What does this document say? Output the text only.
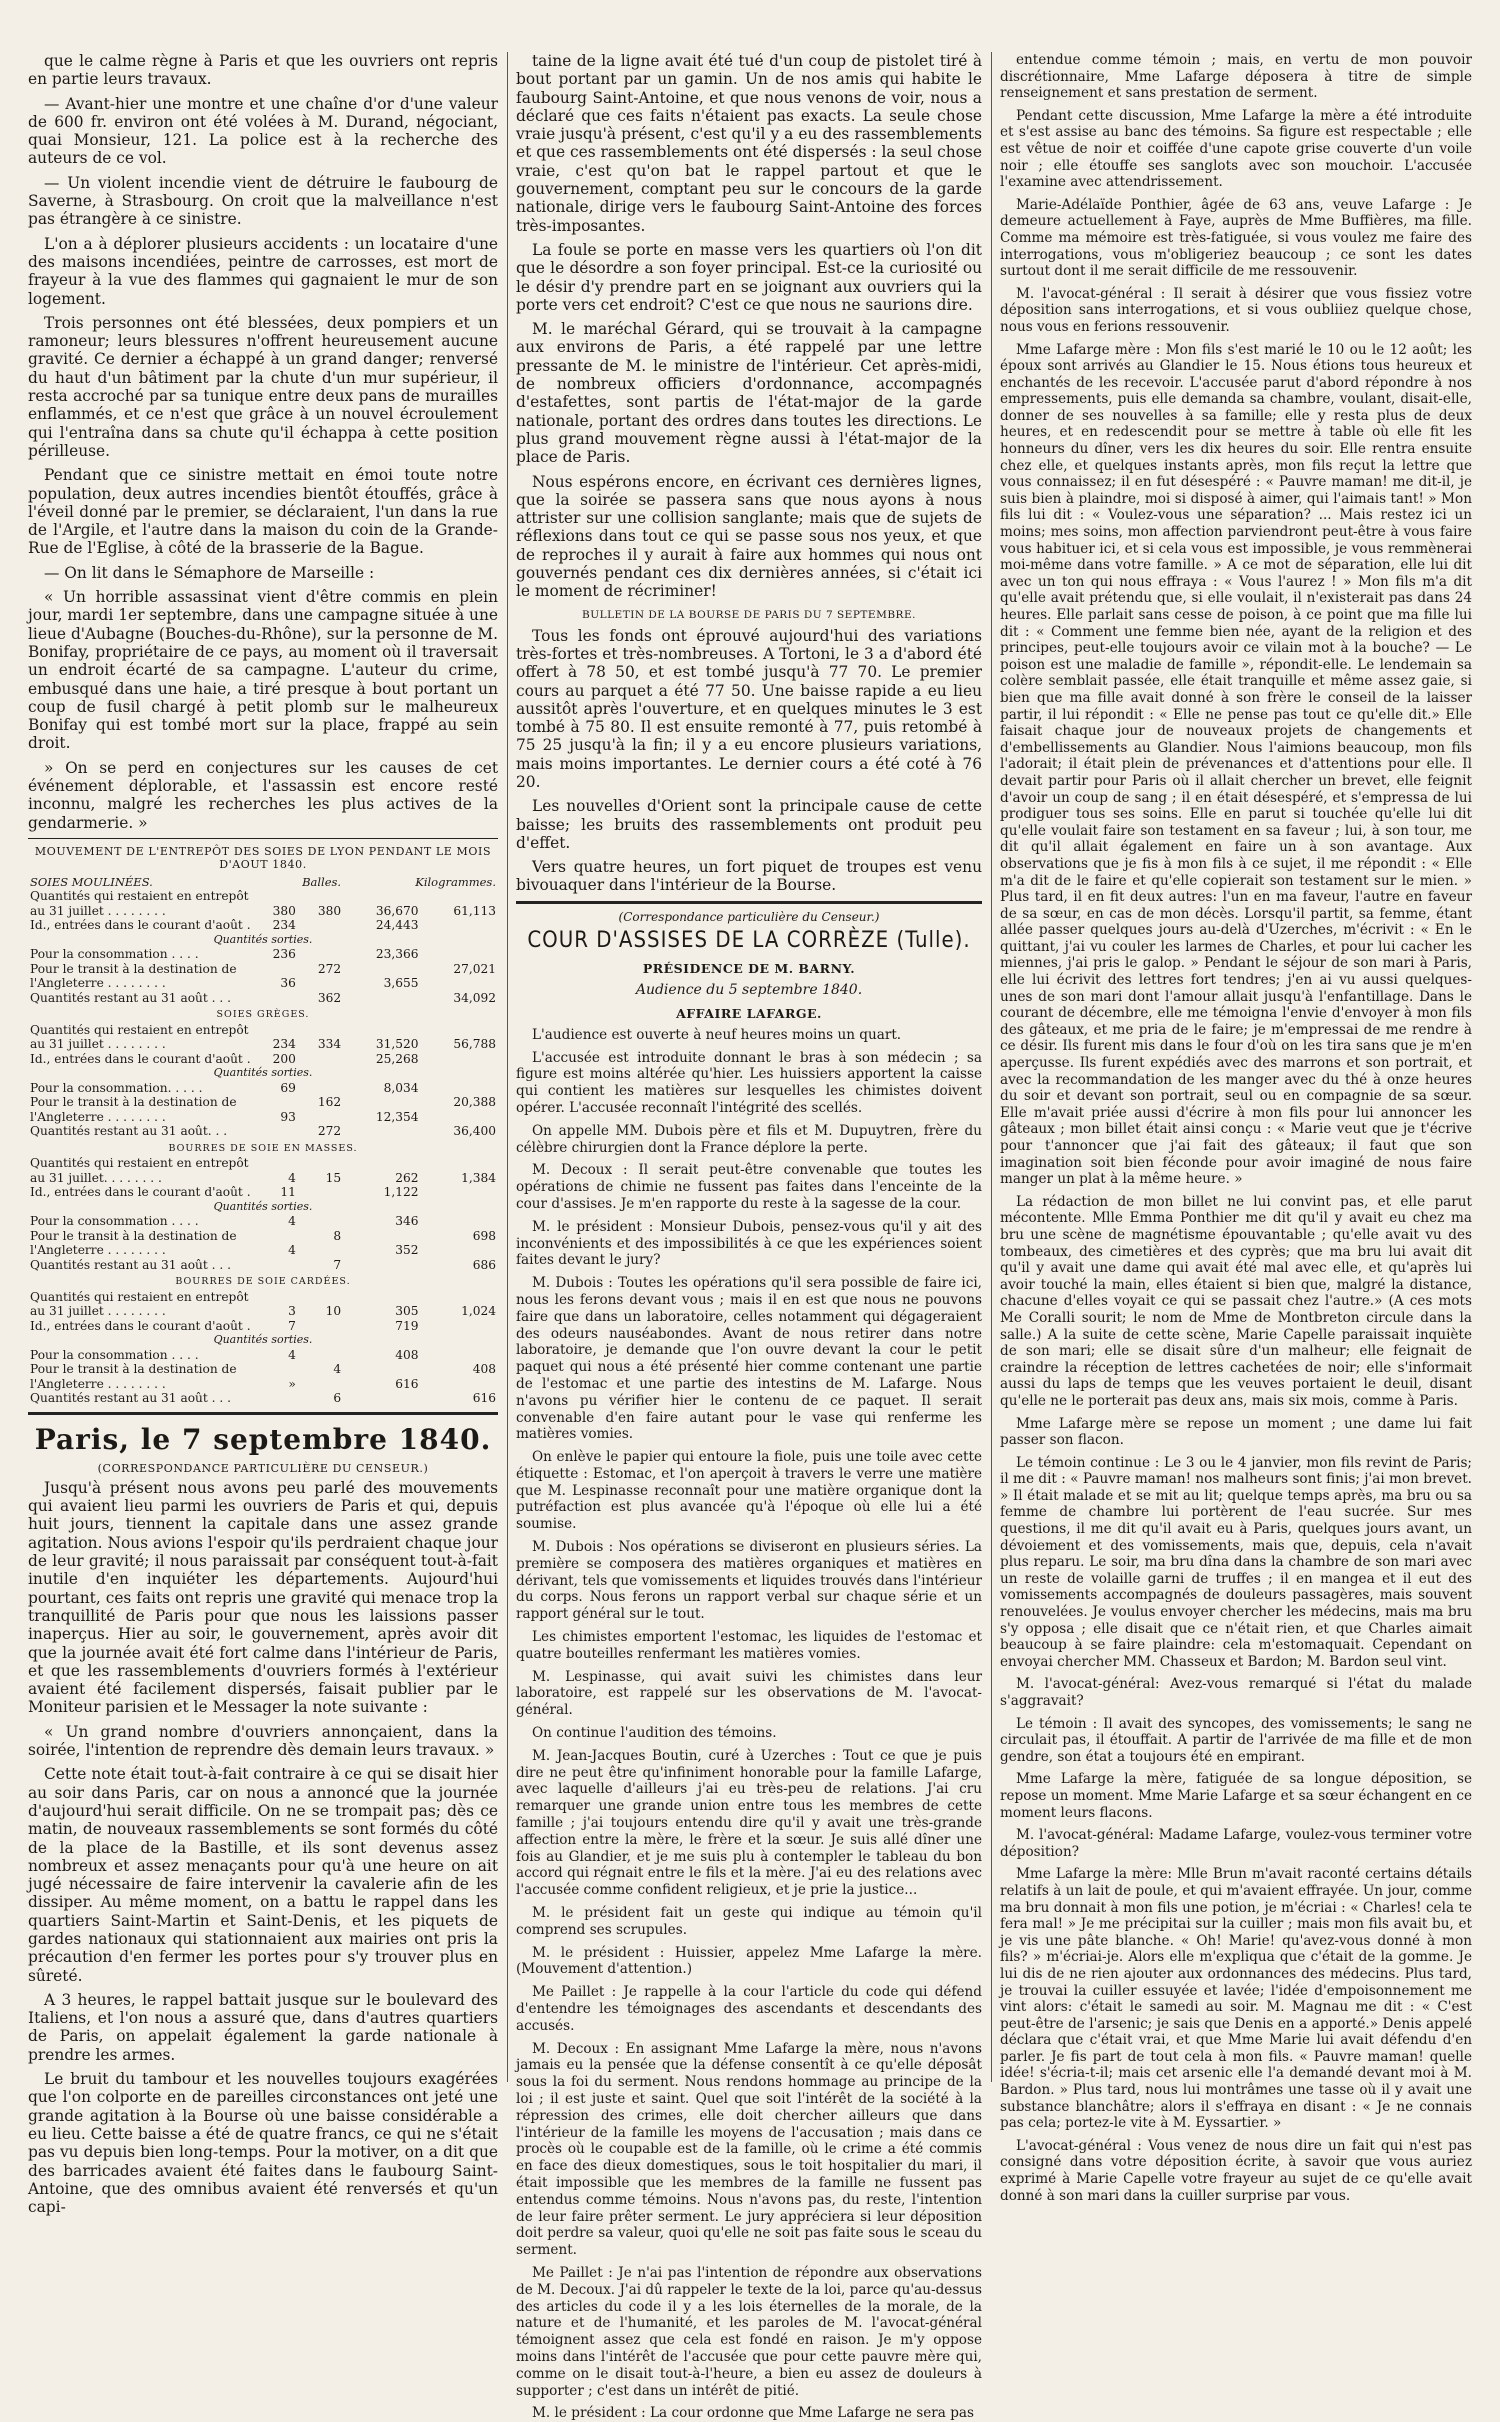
que le calme règne à Paris et que les ouvriers ont repris en partie leurs travaux.

— Avant-hier une montre et une chaîne d'or d'une valeur de 600 fr. environ ont été volées à M. Durand, négociant, quai Monsieur, 121. La police est à la recherche des auteurs de ce vol.

— Un violent incendie vient de détruire le faubourg de Saverne, à Strasbourg. On croit que la malveillance n'est pas étrangère à ce sinistre.

L'on a à déplorer plusieurs accidents : un locataire d'une des maisons incendiées, peintre de carrosses, est mort de frayeur à la vue des flammes qui gagnaient le mur de son logement.

Trois personnes ont été blessées, deux pompiers et un ramoneur; leurs blessures n'offrent heureusement aucune gravité. Ce dernier a échappé à un grand danger; renversé du haut d'un bâtiment par la chute d'un mur supérieur, il resta accroché par sa tunique entre deux pans de murailles enflammés, et ce n'est que grâce à un nouvel écroulement qui l'entraîna dans sa chute qu'il échappa à cette position périlleuse.

Pendant que ce sinistre mettait en émoi toute notre population, deux autres incendies bientôt étouffés, grâce à l'éveil donné par le premier, se déclaraient, l'un dans la rue de l'Argile, et l'autre dans la maison du coin de la Grande-Rue de l'Eglise, à côté de la brasserie de la Bague.

— On lit dans le Sémaphore de Marseille :

« Un horrible assassinat vient d'être commis en plein jour, mardi 1er septembre, dans une campagne située à une lieue d'Aubagne (Bouches-du-Rhône), sur la personne de M. Bonifay, propriétaire de ce pays, au moment où il traversait un endroit écarté de sa campagne. L'auteur du crime, embusqué dans une haie, a tiré presque à bout portant un coup de fusil chargé à petit plomb sur le malheureux Bonifay qui est tombé mort sur la place, frappé au sein droit.

» On se perd en conjectures sur les causes de cet événement déplorable, et l'assassin est encore resté inconnu, malgré les recherches les plus actives de la gendarmerie. »

MOUVEMENT DE L'ENTREPÔT DES SOIES DE LYON PENDANT LE MOIS D'AOUT 1840.
SOIES MOULINÉES.	Balles.		Kilogrammes.	
Quantités qui restaient en entrepôt				
au 31 juillet . . . . . . . .	380	380	36,670	61,113
Id., entrées dans le courant d'août .	234		24,443	
Quantités sorties.				
Pour la consommation . . . .	236		23,366	
Pour le transit à la destination de		272		27,021
l'Angleterre . . . . . . . .	36		3,655	
Quantités restant au 31 août . . .		362		34,092
SOIES GRÈGES.				
Quantités qui restaient en entrepôt				
au 31 juillet . . . . . . . .	234	334	31,520	56,788
Id., entrées dans le courant d'août .	200		25,268	
Quantités sorties.				
Pour la consommation. . . . .	69		8,034	
Pour le transit à la destination de		162		20,388
l'Angleterre . . . . . . . .	93		12,354	
Quantités restant au 31 août. . .		272		36,400
BOURRES DE SOIE EN MASSES.				
Quantités qui restaient en entrepôt				
au 31 juillet. . . . . . . .	4	15	262	1,384
Id., entrées dans le courant d'août .	11		1,122	
Quantités sorties.				
Pour la consommation . . . .	4		346	
Pour le transit à la destination de		8		698
l'Angleterre . . . . . . . .	4		352	
Quantités restant au 31 août . . .		7		686
BOURRES DE SOIE CARDÉES.				
Quantités qui restaient en entrepôt				
au 31 juillet . . . . . . . .	3	10	305	1,024
Id., entrées dans le courant d'août .	7		719	
Quantités sorties.				
Pour la consommation . . . .	4		408	
Pour le transit à la destination de		4		408
l'Angleterre . . . . . . . .	»		616	
Quantités restant au 31 août . . .		6		616
Paris, le 7 septembre 1840.
(CORRESPONDANCE PARTICULIÈRE DU CENSEUR.)

Jusqu'à présent nous avons peu parlé des mouvements qui avaient lieu parmi les ouvriers de Paris et qui, depuis huit jours, tiennent la capitale dans une assez grande agitation. Nous avions l'espoir qu'ils perdraient chaque jour de leur gravité; il nous paraissait par conséquent tout-à-fait inutile d'en inquiéter les départements. Aujourd'hui pourtant, ces faits ont repris une gravité qui menace trop la tranquillité de Paris pour que nous les laissions passer inaperçus. Hier au soir, le gouvernement, après avoir dit que la journée avait été fort calme dans l'intérieur de Paris, et que les rassemblements d'ouvriers formés à l'extérieur avaient été facilement dispersés, faisait publier par le Moniteur parisien et le Messager la note suivante :

« Un grand nombre d'ouvriers annonçaient, dans la soirée, l'intention de reprendre dès demain leurs travaux. »

Cette note était tout-à-fait contraire à ce qui se disait hier au soir dans Paris, car on nous a annoncé que la journée d'aujourd'hui serait difficile. On ne se trompait pas; dès ce matin, de nouveaux rassemblements se sont formés du côté de la place de la Bastille, et ils sont devenus assez nombreux et assez menaçants pour qu'à une heure on ait jugé nécessaire de faire intervenir la cavalerie afin de les dissiper. Au même moment, on a battu le rappel dans les quartiers Saint-Martin et Saint-Denis, et les piquets de gardes nationaux qui stationnaient aux mairies ont pris la précaution d'en fermer les portes pour s'y trouver plus en sûreté.

A 3 heures, le rappel battait jusque sur le boulevard des Italiens, et l'on nous a assuré que, dans d'autres quartiers de Paris, on appelait également la garde nationale à prendre les armes.

Le bruit du tambour et les nouvelles toujours exagérées que l'on colporte en de pareilles circonstances ont jeté une grande agitation à la Bourse où une baisse considérable a eu lieu. Cette baisse a été de quatre francs, ce qui ne s'était pas vu depuis bien long-temps. Pour la motiver, on a dit que des barricades avaient été faites dans le faubourg Saint-Antoine, que des omnibus avaient été renversés et qu'un capi-

taine de la ligne avait été tué d'un coup de pistolet tiré à bout portant par un gamin. Un de nos amis qui habite le faubourg Saint-Antoine, et que nous venons de voir, nous a déclaré que ces faits n'étaient pas exacts. La seule chose vraie jusqu'à présent, c'est qu'il y a eu des rassemblements et que ces rassemblements ont été dispersés : la seul chose vraie, c'est qu'on bat le rappel partout et que le gouvernement, comptant peu sur le concours de la garde nationale, dirige vers le faubourg Saint-Antoine des forces très-imposantes.

La foule se porte en masse vers les quartiers où l'on dit que le désordre a son foyer principal. Est-ce la curiosité ou le désir d'y prendre part en se joignant aux ouvriers qui la porte vers cet endroit? C'est ce que nous ne saurions dire.

M. le maréchal Gérard, qui se trouvait à la campagne aux environs de Paris, a été rappelé par une lettre pressante de M. le ministre de l'intérieur. Cet après-midi, de nombreux officiers d'ordonnance, accompagnés d'estafettes, sont partis de l'état-major de la garde nationale, portant des ordres dans toutes les directions. Le plus grand mouvement règne aussi à l'état-major de la place de Paris.

Nous espérons encore, en écrivant ces dernières lignes, que la soirée se passera sans que nous ayons à nous attrister sur une collision sanglante; mais que de sujets de réflexions dans tout ce qui se passe sous nos yeux, et que de reproches il y aurait à faire aux hommes qui nous ont gouvernés pendant ces dix dernières années, si c'était ici le moment de récriminer!

BULLETIN DE LA BOURSE DE PARIS DU 7 SEPTEMBRE.

Tous les fonds ont éprouvé aujourd'hui des variations très-fortes et très-nombreuses. A Tortoni, le 3 a d'abord été offert à 78 50, et est tombé jusqu'à 77 70. Le premier cours au parquet a été 77 50. Une baisse rapide a eu lieu aussitôt après l'ouverture, et en quelques minutes le 3 est tombé à 75 80. Il est ensuite remonté à 77, puis retombé à 75 25 jusqu'à la fin; il y a eu encore plusieurs variations, mais moins importantes. Le dernier cours a été coté à 76 20.

Les nouvelles d'Orient sont la principale cause de cette baisse; les bruits des rassemblements ont produit peu d'effet.

Vers quatre heures, un fort piquet de troupes est venu bivouaquer dans l'intérieur de la Bourse.

(Correspondance particulière du Censeur.)
COUR D'ASSISES DE LA CORRÈZE (Tulle).
PRÉSIDENCE DE M. BARNY.
Audience du 5 septembre 1840.
AFFAIRE LAFARGE.

L'audience est ouverte à neuf heures moins un quart.

L'accusée est introduite donnant le bras à son médecin ; sa figure est moins altérée qu'hier. Les huissiers apportent la caisse qui contient les matières sur lesquelles les chimistes doivent opérer. L'accusée reconnaît l'intégrité des scellés.

On appelle MM. Dubois père et fils et M. Dupuytren, frère du célèbre chirurgien dont la France déplore la perte.

M. Decoux : Il serait peut-être convenable que toutes les opérations de chimie ne fussent pas faites dans l'enceinte de la cour d'assises. Je m'en rapporte du reste à la sagesse de la cour.

M. le président : Monsieur Dubois, pensez-vous qu'il y ait des inconvénients et des impossibilités à ce que les expériences soient faites devant le jury?

M. Dubois : Toutes les opérations qu'il sera possible de faire ici, nous les ferons devant vous ; mais il en est que nous ne pouvons faire que dans un laboratoire, celles notamment qui dégageraient des odeurs nauséabondes. Avant de nous retirer dans notre laboratoire, je demande que l'on ouvre devant la cour le petit paquet qui nous a été présenté hier comme contenant une partie de l'estomac et une partie des intestins de M. Lafarge. Nous n'avons pu vérifier hier le contenu de ce paquet. Il serait convenable d'en faire autant pour le vase qui renferme les matières vomies.

On enlève le papier qui entoure la fiole, puis une toile avec cette étiquette : Estomac, et l'on aperçoit à travers le verre une matière que M. Lespinasse reconnaît pour une matière organique dont la putréfaction est plus avancée qu'à l'époque où elle lui a été soumise.

M. Dubois : Nos opérations se diviseront en plusieurs séries. La première se composera des matières organiques et matières en dérivant, tels que vomissements et liquides trouvés dans l'intérieur du corps. Nous ferons un rapport verbal sur chaque série et un rapport général sur le tout.

Les chimistes emportent l'estomac, les liquides de l'estomac et quatre bouteilles renfermant les matières vomies.

M. Lespinasse, qui avait suivi les chimistes dans leur laboratoire, est rappelé sur les observations de M. l'avocat-général.

On continue l'audition des témoins.

M. Jean-Jacques Boutin, curé à Uzerches : Tout ce que je puis dire ne peut être qu'infiniment honorable pour la famille Lafarge, avec laquelle d'ailleurs j'ai eu très-peu de relations. J'ai cru remarquer une grande union entre tous les membres de cette famille ; j'ai toujours entendu dire qu'il y avait une très-grande affection entre la mère, le frère et la sœur. Je suis allé dîner une fois au Glandier, et je me suis plu à contempler le tableau du bon accord qui régnait entre le fils et la mère. J'ai eu des relations avec l'accusée comme confident religieux, et je prie la justice...

M. le président fait un geste qui indique au témoin qu'il comprend ses scrupules.

M. le président : Huissier, appelez Mme Lafarge la mère. (Mouvement d'attention.)

Me Paillet : Je rappelle à la cour l'article du code qui défend d'entendre les témoignages des ascendants et descendants des accusés.

M. Decoux : En assignant Mme Lafarge la mère, nous n'avons jamais eu la pensée que la défense consentît à ce qu'elle déposât sous la foi du serment. Nous rendons hommage au principe de la loi ; il est juste et saint. Quel que soit l'intérêt de la société à la répression des crimes, elle doit chercher ailleurs que dans l'intérieur de la famille les moyens de l'accusation ; mais dans ce procès où le coupable est de la famille, où le crime a été commis en face des dieux domestiques, sous le toit hospitalier du mari, il était impossible que les membres de la famille ne fussent pas entendus comme témoins. Nous n'avons pas, du reste, l'intention de leur faire prêter serment. Le jury appréciera si leur déposition doit perdre sa valeur, quoi qu'elle ne soit pas faite sous le sceau du serment.

Me Paillet : Je n'ai pas l'intention de répondre aux observations de M. Decoux. J'ai dû rappeler le texte de la loi, parce qu'au-dessus des articles du code il y a les lois éternelles de la morale, de la nature et de l'humanité, et les paroles de M. l'avocat-général témoignent assez que cela est fondé en raison. Je m'y oppose moins dans l'intérêt de l'accusée que pour cette pauvre mère qui, comme on le disait tout-à-l'heure, a bien eu assez de douleurs à supporter ; c'est dans un intérêt de pitié.

M. le président : La cour ordonne que Mme Lafarge ne sera pas

entendue comme témoin ; mais, en vertu de mon pouvoir discrétionnaire, Mme Lafarge déposera à titre de simple renseignement et sans prestation de serment.

Pendant cette discussion, Mme Lafarge la mère a été introduite et s'est assise au banc des témoins. Sa figure est respectable ; elle est vêtue de noir et coiffée d'une capote grise couverte d'un voile noir ; elle étouffe ses sanglots avec son mouchoir. L'accusée l'examine avec attendrissement.

Marie-Adélaïde Ponthier, âgée de 63 ans, veuve Lafarge : Je demeure actuellement à Faye, auprès de Mme Buffières, ma fille. Comme ma mémoire est très-fatiguée, si vous voulez me faire des interrogations, vous m'obligeriez beaucoup ; ce sont les dates surtout dont il me serait difficile de me ressouvenir.

M. l'avocat-général : Il serait à désirer que vous fissiez votre déposition sans interrogations, et si vous oubliiez quelque chose, nous vous en ferions ressouvenir.

Mme Lafarge mère : Mon fils s'est marié le 10 ou le 12 août; les époux sont arrivés au Glandier le 15. Nous étions tous heureux et enchantés de les recevoir. L'accusée parut d'abord répondre à nos empressements, puis elle demanda sa chambre, voulant, disait-elle, donner de ses nouvelles à sa famille; elle y resta plus de deux heures, et en redescendit pour se mettre à table où elle fit les honneurs du dîner, vers les dix heures du soir. Elle rentra ensuite chez elle, et quelques instants après, mon fils reçut la lettre que vous connaissez; il en fut désespéré : « Pauvre maman! me dit-il, je suis bien à plaindre, moi si disposé à aimer, qui l'aimais tant! » Mon fils lui dit : « Voulez-vous une séparation? ... Mais restez ici un moins; mes soins, mon affection parviendront peut-être à vous faire vous habituer ici, et si cela vous est impossible, je vous remmènerai moi-même dans votre famille. » A ce mot de séparation, elle lui dit avec un ton qui nous effraya : « Vous l'aurez ! » Mon fils m'a dit qu'elle avait prétendu que, si elle voulait, il n'existerait pas dans 24 heures. Elle parlait sans cesse de poison, à ce point que ma fille lui dit : « Comment une femme bien née, ayant de la religion et des principes, peut-elle toujours avoir ce vilain mot à la bouche? — Le poison est une maladie de famille », répondit-elle. Le lendemain sa colère semblait passée, elle était tranquille et même assez gaie, si bien que ma fille avait donné à son frère le conseil de la laisser partir, il lui répondit : « Elle ne pense pas tout ce qu'elle dit.» Elle faisait chaque jour de nouveaux projets de changements et d'embellissements au Glandier. Nous l'aimions beaucoup, mon fils l'adorait; il était plein de prévenances et d'attentions pour elle. Il devait partir pour Paris où il allait chercher un brevet, elle feignit d'avoir un coup de sang ; il en était désespéré, et s'empressa de lui prodiguer tous ses soins. Elle en parut si touchée qu'elle lui dit qu'elle voulait faire son testament en sa faveur ; lui, à son tour, me dit qu'il allait également en faire un à son avantage. Aux observations que je fis à mon fils à ce sujet, il me répondit : « Elle m'a dit de le faire et qu'elle copierait son testament sur le mien. » Plus tard, il en fit deux autres: l'un en ma faveur, l'autre en faveur de sa sœur, en cas de mon décès. Lorsqu'il partit, sa femme, étant allée passer quelques jours au-delà d'Uzerches, m'écrivit : « En le quittant, j'ai vu couler les larmes de Charles, et pour lui cacher les miennes, j'ai pris le galop. » Pendant le séjour de son mari à Paris, elle lui écrivit des lettres fort tendres; j'en ai vu aussi quelques-unes de son mari dont l'amour allait jusqu'à l'enfantillage. Dans le courant de décembre, elle me témoigna l'envie d'envoyer à mon fils des gâteaux, et me pria de le faire; je m'empressai de me rendre à ce désir. Ils furent mis dans le four d'où on les tira sans que je m'en aperçusse. Ils furent expédiés avec des marrons et son portrait, et avec la recommandation de les manger avec du thé à onze heures du soir et devant son portrait, seul ou en compagnie de sa sœur. Elle m'avait priée aussi d'écrire à mon fils pour lui annoncer les gâteaux ; mon billet était ainsi conçu : « Marie veut que je t'écrive pour t'annoncer que j'ai fait des gâteaux; il faut que son imagination soit bien féconde pour avoir imaginé de nous faire manger un plat à la même heure. »

La rédaction de mon billet ne lui convint pas, et elle parut mécontente. Mlle Emma Ponthier me dit qu'il y avait eu chez ma bru une scène de magnétisme épouvantable ; qu'elle avait vu des tombeaux, des cimetières et des cyprès; que ma bru lui avait dit qu'il y avait une dame qui avait été mal avec elle, et qu'après lui avoir touché la main, elles étaient si bien que, malgré la distance, chacune d'elles voyait ce qui se passait chez l'autre.» (A ces mots Me Coralli sourit; le nom de Mme de Montbreton circule dans la salle.) A la suite de cette scène, Marie Capelle paraissait inquiète de son mari; elle se disait sûre d'un malheur; elle feignait de craindre la réception de lettres cachetées de noir; elle s'informait aussi du laps de temps que les veuves portaient le deuil, disant qu'elle ne le porterait pas deux ans, mais six mois, comme à Paris.

Mme Lafarge mère se repose un moment ; une dame lui fait passer son flacon.

Le témoin continue : Le 3 ou le 4 janvier, mon fils revint de Paris; il me dit : « Pauvre maman! nos malheurs sont finis; j'ai mon brevet. » Il était malade et se mit au lit; quelque temps après, ma bru ou sa femme de chambre lui portèrent de l'eau sucrée. Sur mes questions, il me dit qu'il avait eu à Paris, quelques jours avant, un dévoiement et des vomissements, mais que, depuis, cela n'avait plus reparu. Le soir, ma bru dîna dans la chambre de son mari avec un reste de volaille garni de truffes ; il en mangea et il eut des vomissements accompagnés de douleurs passagères, mais souvent renouvelées. Je voulus envoyer chercher les médecins, mais ma bru s'y opposa ; elle disait que ce n'était rien, et que Charles aimait beaucoup à se faire plaindre: cela m'estomaquait. Cependant on envoyai chercher MM. Chasseux et Bardon; M. Bardon seul vint.

M. l'avocat-général: Avez-vous remarqué si l'état du malade s'aggravait?

Le témoin : Il avait des syncopes, des vomissements; le sang ne circulait pas, il étouffait. A partir de l'arrivée de ma fille et de mon gendre, son état a toujours été en empirant.

Mme Lafarge la mère, fatiguée de sa longue déposition, se repose un moment. Mme Marie Lafarge et sa sœur échangent en ce moment leurs flacons.

M. l'avocat-général: Madame Lafarge, voulez-vous terminer votre déposition?

Mme Lafarge la mère: Mlle Brun m'avait raconté certains détails relatifs à un lait de poule, et qui m'avaient effrayée. Un jour, comme ma bru donnait à mon fils une potion, je m'écriai : « Charles! cela te fera mal! » Je me précipitai sur la cuiller ; mais mon fils avait bu, et je vis une pâte blanche. « Oh! Marie! qu'avez-vous donné à mon fils? » m'écriai-je. Alors elle m'expliqua que c'était de la gomme. Je lui dis de ne rien ajouter aux ordonnances des médecins. Plus tard, je trouvai la cuiller essuyée et lavée; l'idée d'empoisonnement me vint alors: c'était le samedi au soir. M. Magnau me dit : « C'est peut-être de l'arsenic; je sais que Denis en a apporté.» Denis appelé déclara que c'était vrai, et que Mme Marie lui avait défendu d'en parler. Je fis part de tout cela à mon fils. « Pauvre maman! quelle idée! s'écria-t-il; mais cet arsenic elle l'a demandé devant moi à M. Bardon. » Plus tard, nous lui montrâmes une tasse où il y avait une substance blanchâtre; alors il s'effraya en disant : « Je ne connais pas cela; portez-le vite à M. Eyssartier. »

L'avocat-général : Vous venez de nous dire un fait qui n'est pas consigné dans votre déposition écrite, à savoir que vous auriez exprimé à Marie Capelle votre frayeur au sujet de ce qu'elle avait donné à son mari dans la cuiller surprise par vous.
